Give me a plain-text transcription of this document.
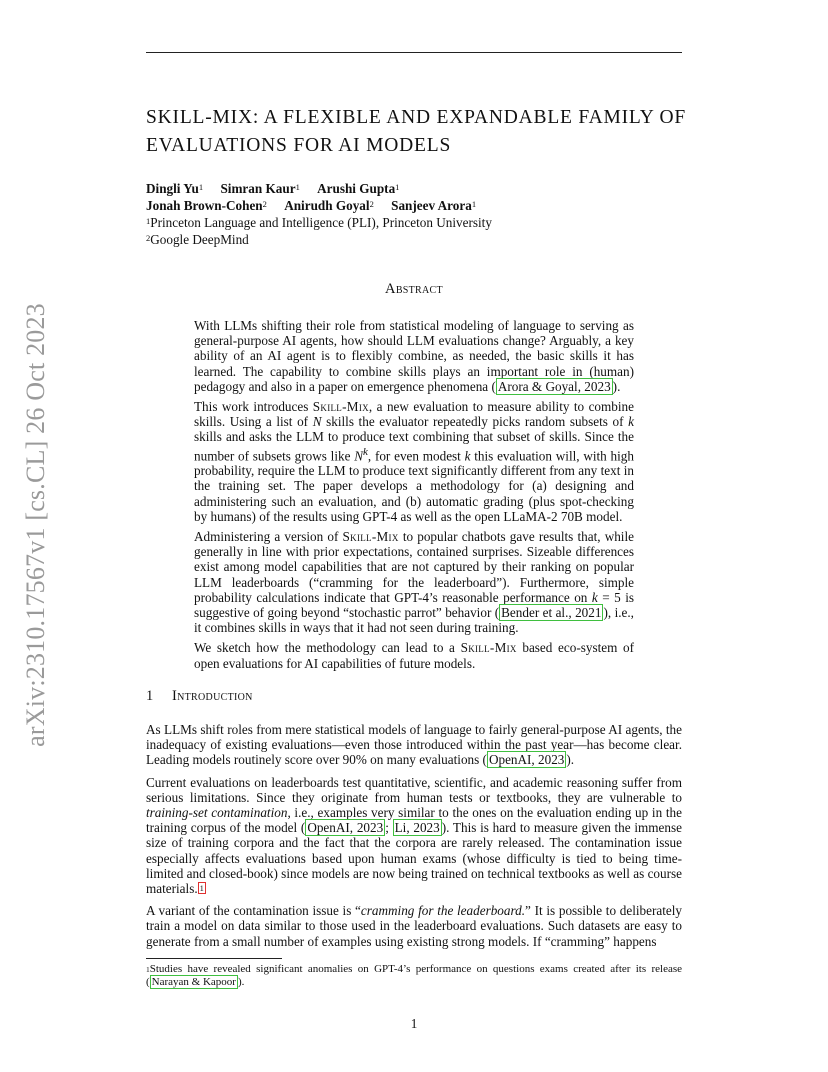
arXiv:2310.17567v1 [cs.CL] 26 Oct 2023
SKILL-MIX: A FLEXIBLE AND EXPANDABLE FAMILY OF EVALUATIONS FOR AI MODELS
Dingli Yu$^1$ Simran Kaur$^1$ Arushi Gupta$^1$
Jonah Brown-Cohen$^2$ Anirudh Goyal$^2$ Sanjeev Arora$^1$
$^1$Princeton Language and Intelligence (PLI), Princeton University
$^2$Google DeepMind
Abstract

With LLMs shifting their role from statistical modeling of language to serving as general-purpose AI agents, how should LLM evaluations change? Arguably, a key ability of an AI agent is to flexibly combine, as needed, the basic skills it has learned. The capability to combine skills plays an important role in (human) pedagogy and also in a paper on emergence phenomena ( Arora & Goyal, 2023 ).

This work introduces Skill-Mix, a new evaluation to measure ability to combine skills. Using a list of N skills the evaluator repeatedly picks random subsets of k skills and asks the LLM to produce text combining that subset of skills. Since the number of subsets grows like $N^k$, for even modest k this evaluation will, with high probability, require the LLM to produce text significantly different from any text in the training set. The paper develops a methodology for (a) designing and administering such an evaluation, and (b) automatic grading (plus spot-checking by humans) of the results using GPT-4 as well as the open LLaMA-2 70B model.

Administering a version of Skill-Mix to popular chatbots gave results that, while generally in line with prior expectations, contained surprises. Sizeable differences exist among model capabilities that are not captured by their ranking on popular LLM leaderboards (“cramming for the leaderboard”). Furthermore, simple probability calculations indicate that GPT-4’s reasonable performance on k = 5 is suggestive of going beyond “stochastic parrot” behavior ( Bender et al., 2021 ), i.e., it combines skills in ways that it had not seen during training.

We sketch how the methodology can lead to a Skill-Mix based eco-system of open evaluations for AI capabilities of future models.

1 Introduction

As LLMs shift roles from mere statistical models of language to fairly general-purpose AI agents, the inadequacy of existing evaluations—even those introduced within the past year—has become clear. Leading models routinely score over 90% on many evaluations ( OpenAI, 2023 ).

Current evaluations on leaderboards test quantitative, scientific, and academic reasoning suffer from serious limitations. Since they originate from human tests or textbooks, they are vulnerable to training-set contamination, i.e., examples very similar to the ones on the evaluation ending up in the training corpus of the model ( OpenAI, 2023 ; Li, 2023 ). This is hard to measure given the immense size of training corpora and the fact that the corpora are rarely released. The contamination issue especially affects evaluations based upon human exams (whose difficulty is tied to being time-limited and closed-book) since models are now being trained on technical textbooks as well as course materials. $^1$

A variant of the contamination issue is “cramming for the leaderboard.” It is possible to deliberately train a model on data similar to those used in the leaderboard evaluations. Such datasets are easy to generate from a small number of examples using existing strong models. If “cramming” happens

$^1$Studies have revealed significant anomalies on GPT-4’s performance on questions exams created after its release ( Narayan & Kapoor ).
1
